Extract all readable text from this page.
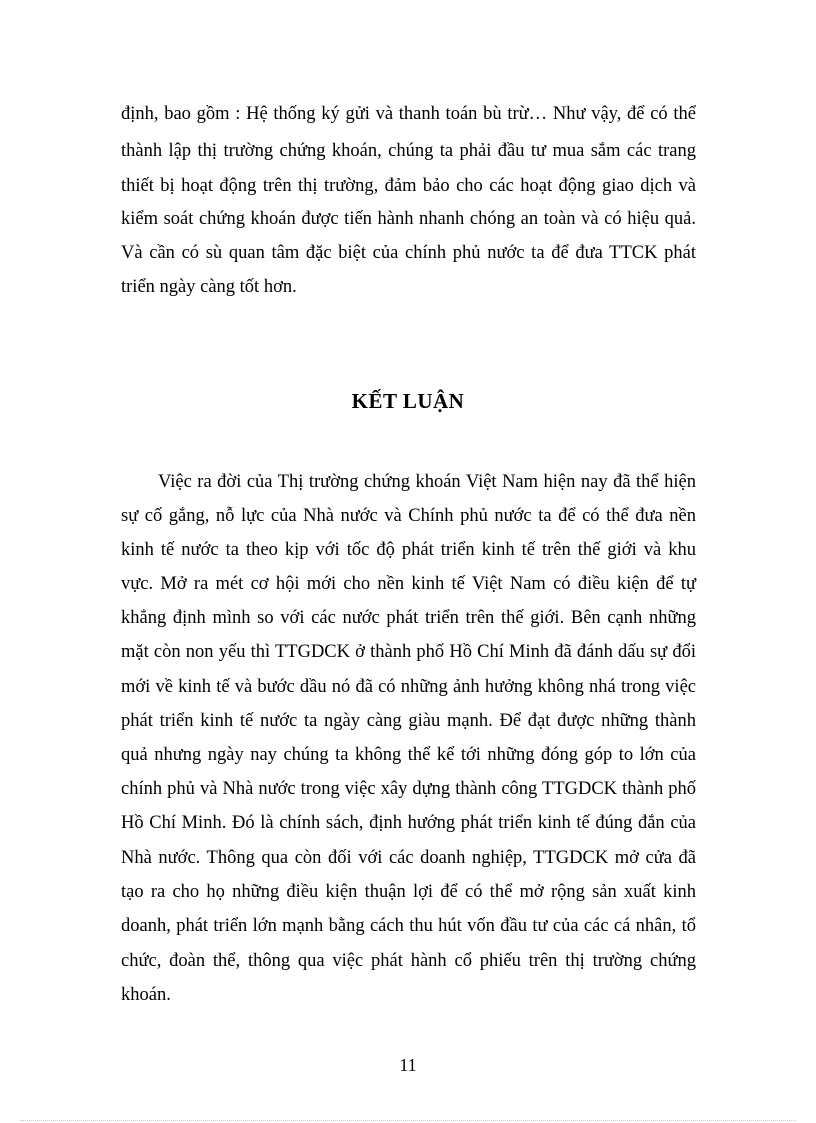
định, bao gồm : Hệ thống ký gửi và thanh toán bù trừ… Như vậy, để có thể
thành lập thị trường chứng khoán, chúng ta phải đầu tư mua sắm các trang
thiết bị hoạt động trên thị trường, đảm bảo cho các hoạt động giao dịch và
kiểm soát chứng khoán được tiến hành nhanh chóng an toàn và có hiệu quả.
Và cần có sù quan tâm đặc biệt của chính phủ nước ta để đưa TTCK phát
triển ngày càng tốt hơn.
KẾT LUẬN
Việc ra đời của Thị trường chứng khoán Việt Nam hiện nay đã thể hiện
sự cố gắng, nỗ lực của Nhà nước và Chính phủ nước ta để có thể đưa nền
kinh tế nước ta theo kịp với tốc độ phát triển kinh tế trên thế giới và khu
vực. Mở ra mét cơ hội mới cho nền kinh tế Việt Nam có điều kiện để tự
khẳng định mình so với các nước phát triển trên thế giới. Bên cạnh những
mặt còn non yếu thì TTGDCK ở thành phố Hồ Chí Minh đã đánh dấu sự đổi
mới về kinh tế và bước dầu nó đã có những ảnh hưởng không nhá trong việc
phát triển kinh tế nước ta ngày càng giàu mạnh. Để đạt được những thành
quả nhưng ngày nay chúng ta không thể kể tới những đóng góp to lớn của
chính phủ và Nhà nước trong việc xây dựng thành công TTGDCK thành phố
Hồ Chí Minh. Đó là chính sách, định hướng phát triển kinh tế đúng đắn của
Nhà nước. Thông qua còn đối với các doanh nghiệp, TTGDCK mở cửa đã
tạo ra cho họ những điều kiện thuận lợi để có thể mở rộng sản xuất kinh
doanh, phát triển lớn mạnh bằng cách thu hút vốn đầu tư của các cá nhân, tổ
chức, đoàn thể, thông qua việc phát hành cổ phiếu trên thị trường chứng
khoán.
11
